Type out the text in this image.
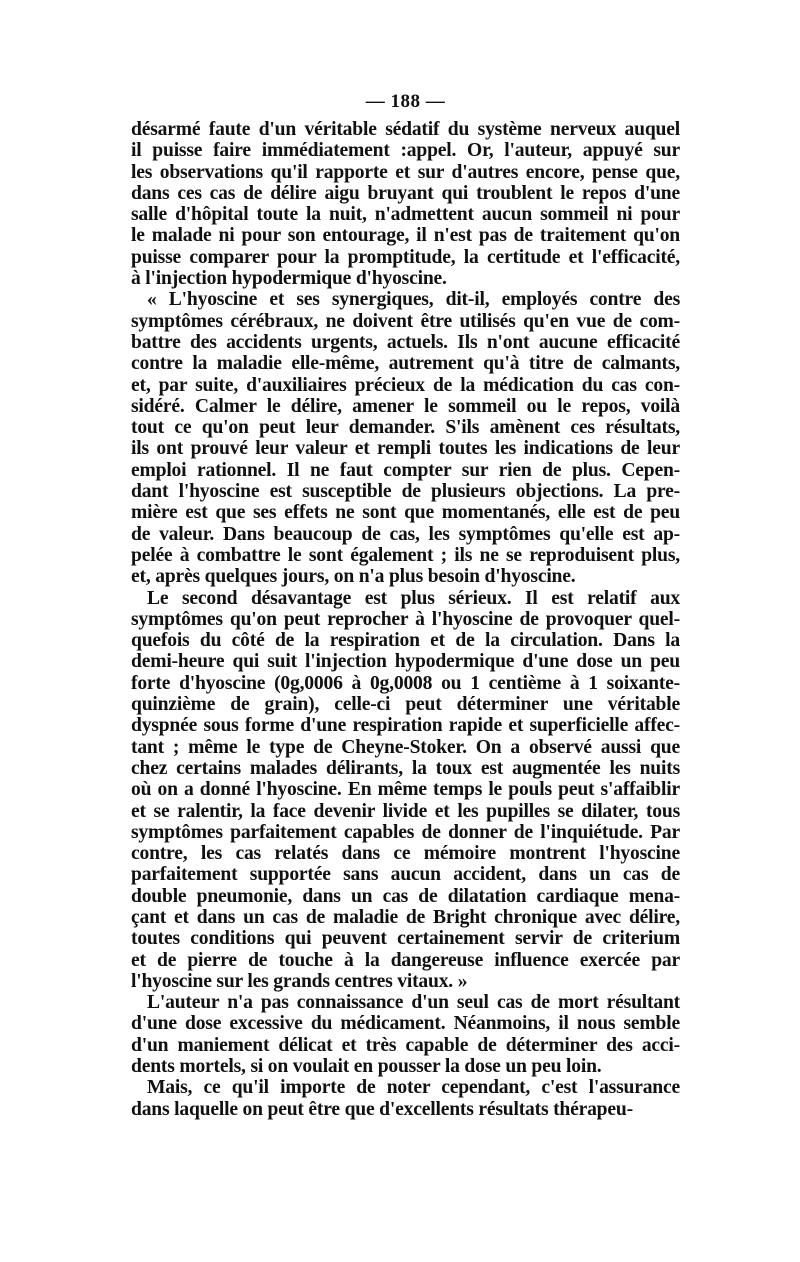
— 188 —
désarmé faute d'un véritable sédatif du système nerveux auquel
il puisse faire immédiatement :appel. Or, l'auteur, appuyé sur
les observations qu'il rapporte et sur d'autres encore, pense que,
dans ces cas de délire aigu bruyant qui troublent le repos d'une
salle d'hôpital toute la nuit, n'admettent aucun sommeil ni pour
le malade ni pour son entourage, il n'est pas de traitement qu'on
puisse comparer pour la promptitude, la certitude et l'efficacité,
à l'injection hypodermique d'hyoscine.
« L'hyoscine et ses synergiques, dit-il, employés contre des
symptômes cérébraux, ne doivent être utilisés qu'en vue de com-
battre des accidents urgents, actuels. Ils n'ont aucune efficacité
contre la maladie elle-même, autrement qu'à titre de calmants,
et, par suite, d'auxiliaires précieux de la médication du cas con-
sidéré. Calmer le délire, amener le sommeil ou le repos, voilà
tout ce qu'on peut leur demander. S'ils amènent ces résultats,
ils ont prouvé leur valeur et rempli toutes les indications de leur
emploi rationnel. Il ne faut compter sur rien de plus. Cepen-
dant l'hyoscine est susceptible de plusieurs objections. La pre-
mière est que ses effets ne sont que momentanés, elle est de peu
de valeur. Dans beaucoup de cas, les symptômes qu'elle est ap-
pelée à combattre le sont également ; ils ne se reproduisent plus,
et, après quelques jours, on n'a plus besoin d'hyoscine.
Le second désavantage est plus sérieux. Il est relatif aux
symptômes qu'on peut reprocher à l'hyoscine de provoquer quel-
quefois du côté de la respiration et de la circulation. Dans la
demi-heure qui suit l'injection hypodermique d'une dose un peu
forte d'hyoscine (0g,0006 à 0g,0008 ou 1 centième à 1 soixante-
quinzième de grain), celle-ci peut déterminer une véritable
dyspnée sous forme d'une respiration rapide et superficielle affec-
tant ; même le type de Cheyne-Stoker. On a observé aussi que
chez certains malades délirants, la toux est augmentée les nuits
où on a donné l'hyoscine. En même temps le pouls peut s'affaiblir
et se ralentir, la face devenir livide et les pupilles se dilater, tous
symptômes parfaitement capables de donner de l'inquiétude. Par
contre, les cas relatés dans ce mémoire montrent l'hyoscine
parfaitement supportée sans aucun accident, dans un cas de
double pneumonie, dans un cas de dilatation cardiaque mena-
çant et dans un cas de maladie de Bright chronique avec délire,
toutes conditions qui peuvent certainement servir de criterium
et de pierre de touche à la dangereuse influence exercée par
l'hyoscine sur les grands centres vitaux. »
L'auteur n'a pas connaissance d'un seul cas de mort résultant
d'une dose excessive du médicament. Néanmoins, il nous semble
d'un maniement délicat et très capable de déterminer des acci-
dents mortels, si on voulait en pousser la dose un peu loin.
Mais, ce qu'il importe de noter cependant, c'est l'assurance
dans laquelle on peut être que d'excellents résultats thérapeu-
